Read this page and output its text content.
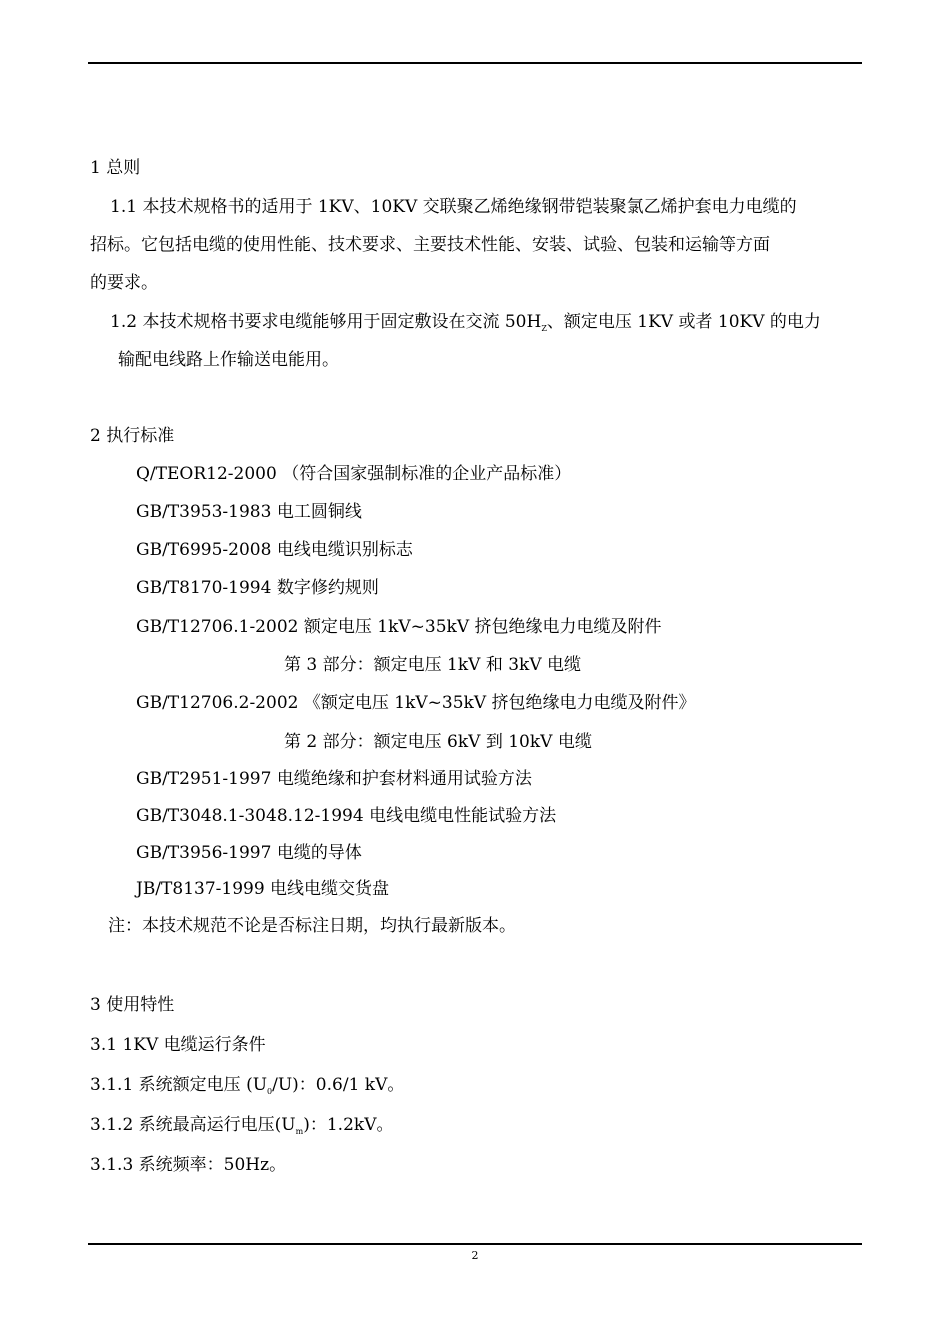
1 总则
1.1 本技术规格书的适用于 1KV、10KV 交联聚乙烯绝缘钢带铠装聚氯乙烯护套电力电缆的
招标。它包括电缆的使用性能、技术要求、主要技术性能、安装、试验、包装和运输等方面
的要求。
1.2 本技术规格书要求电缆能够用于固定敷设在交流 $50H_Z$、额定电压 1KV 或者 10KV 的电力
输配电线路上作输送电能用。
2 执行标准
Q/TEOR12-2000 （符合国家强制标准的企业产品标准）
GB/T3953-1983 电工圆铜线
GB/T6995-2008 电线电缆识别标志
GB/T8170-1994 数字修约规则
GB/T12706.1-2002 额定电压 1kV~35kV 挤包绝缘电力电缆及附件
第 3 部分：额定电压 1kV 和 3kV 电缆
GB/T12706.2-2002 《额定电压 1kV~35kV 挤包绝缘电力电缆及附件》
第 2 部分：额定电压 6kV 到 10kV 电缆
GB/T2951-1997 电缆绝缘和护套材料通用试验方法
GB/T3048.1-3048.12-1994 电线电缆电性能试验方法
GB/T3956-1997 电缆的导体
JB/T8137-1999 电线电缆交货盘
注：本技术规范不论是否标注日期，均执行最新版本。
3 使用特性
3.1 1KV 电缆运行条件
3.1.1 系统额定电压 $(U_0/U)$：0.6/1 kV。
3.1.2 系统最高运行电压$(U_m)$：1.2kV。
3.1.3 系统频率：50Hz。
2
